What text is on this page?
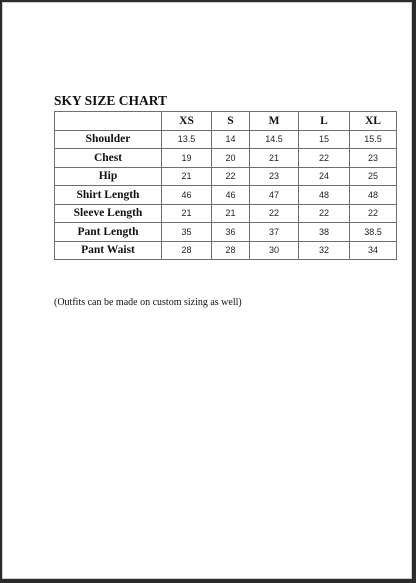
SKY SIZE CHART
	XS	S	M	L	XL
Shoulder	13.5	14	14.5	15	15.5
Chest	19	20	21	22	23
Hip	21	22	23	24	25
Shirt Length	46	46	47	48	48
Sleeve Length	21	21	22	22	22
Pant Length	35	36	37	38	38.5
Pant Waist	28	28	30	32	34
(Outfits can be made on custom sizing as well)
